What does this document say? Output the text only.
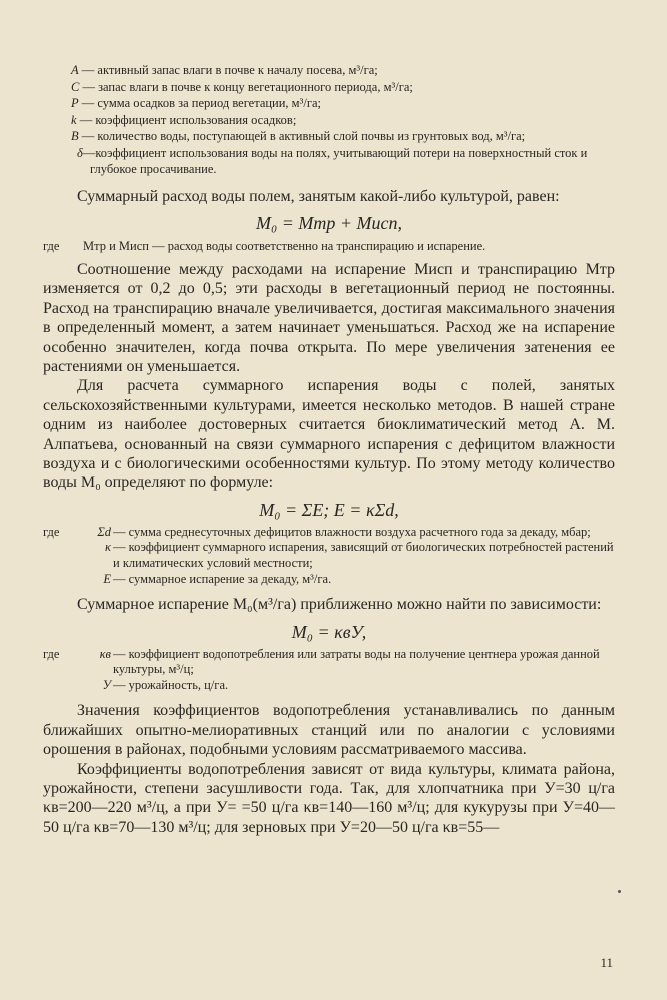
A — активный запас влаги в почве к началу посева, м³/га;
C — запас влаги в почве к концу вегетационного периода, м³/га;
P — сумма осадков за период вегетации, м³/га;
k — коэффициент использования осадков;
B — количество воды, поступающей в активный слой почвы из грунтовых вод, м³/га;
δ—коэффициент использования воды на полях, учитывающий потери на поверхностный сток и глубокое просачивание.

Суммарный расход воды полем, занятым какой-либо культурой, равен:

M₀ = Mтр + Mисп,
где	Mтр и Mисп — расход воды соответственно на транспирацию и испарение.

Соотношение между расходами на испарение Mисп и транспирацию Mтр изменяется от 0,2 до 0,5; эти расходы в вегетационный период не постоянны. Расход на транспирацию вначале увеличивается, достигая максимального значения в определенный момент, а затем начинает уменьшаться. Расход же на испарение особенно значителен, когда почва открыта. По мере увеличения затенения ее растениями он уменьшается.

Для расчета суммарного испарения воды с полей, занятых сельскохозяйственными культурами, имеется несколько методов. В нашей стране одним из наиболее достоверных считается биоклиматический метод А. М. Алпатьева, основанный на связи суммарного испарения с дефицитом влажности воздуха и с биологическими особенностями культур. По этому методу количество воды M₀ определяют по формуле:

M₀ = ΣE; E = κΣd,
где	Σd — сумма среднесуточных дефицитов влажности воздуха расчетного года за декаду, мбар;
κ — коэффициент суммарного испарения, зависящий от биологических потребностей растений и климатических условий местности;
E — суммарное испарение за декаду, м³/га.

Суммарное испарение M₀(м³/га) приближенно можно найти по зависимости:

M₀ = κвУ,
где	κв — коэффициент водопотребления или затраты воды на получение центнера урожая данной культуры, м³/ц;
У — урожайность, ц/га.

Значения коэффициентов водопотребления устанавливались по данным ближайших опытно-мелиоративных станций или по аналогии с условиями орошения в районах, подобными условиям рассматриваемого массива.

Коэффициенты водопотребления зависят от вида культуры, климата района, урожайности, степени засушливости года. Так, для хлопчатника при У=30 ц/га κв=200—220 м³/ц, а при У= =50 ц/га κв=140—160 м³/ц; для кукурузы при У=40—50 ц/га κв=70—130 м³/ц; для зерновых при У=20—50 ц/га κв=55—

11
